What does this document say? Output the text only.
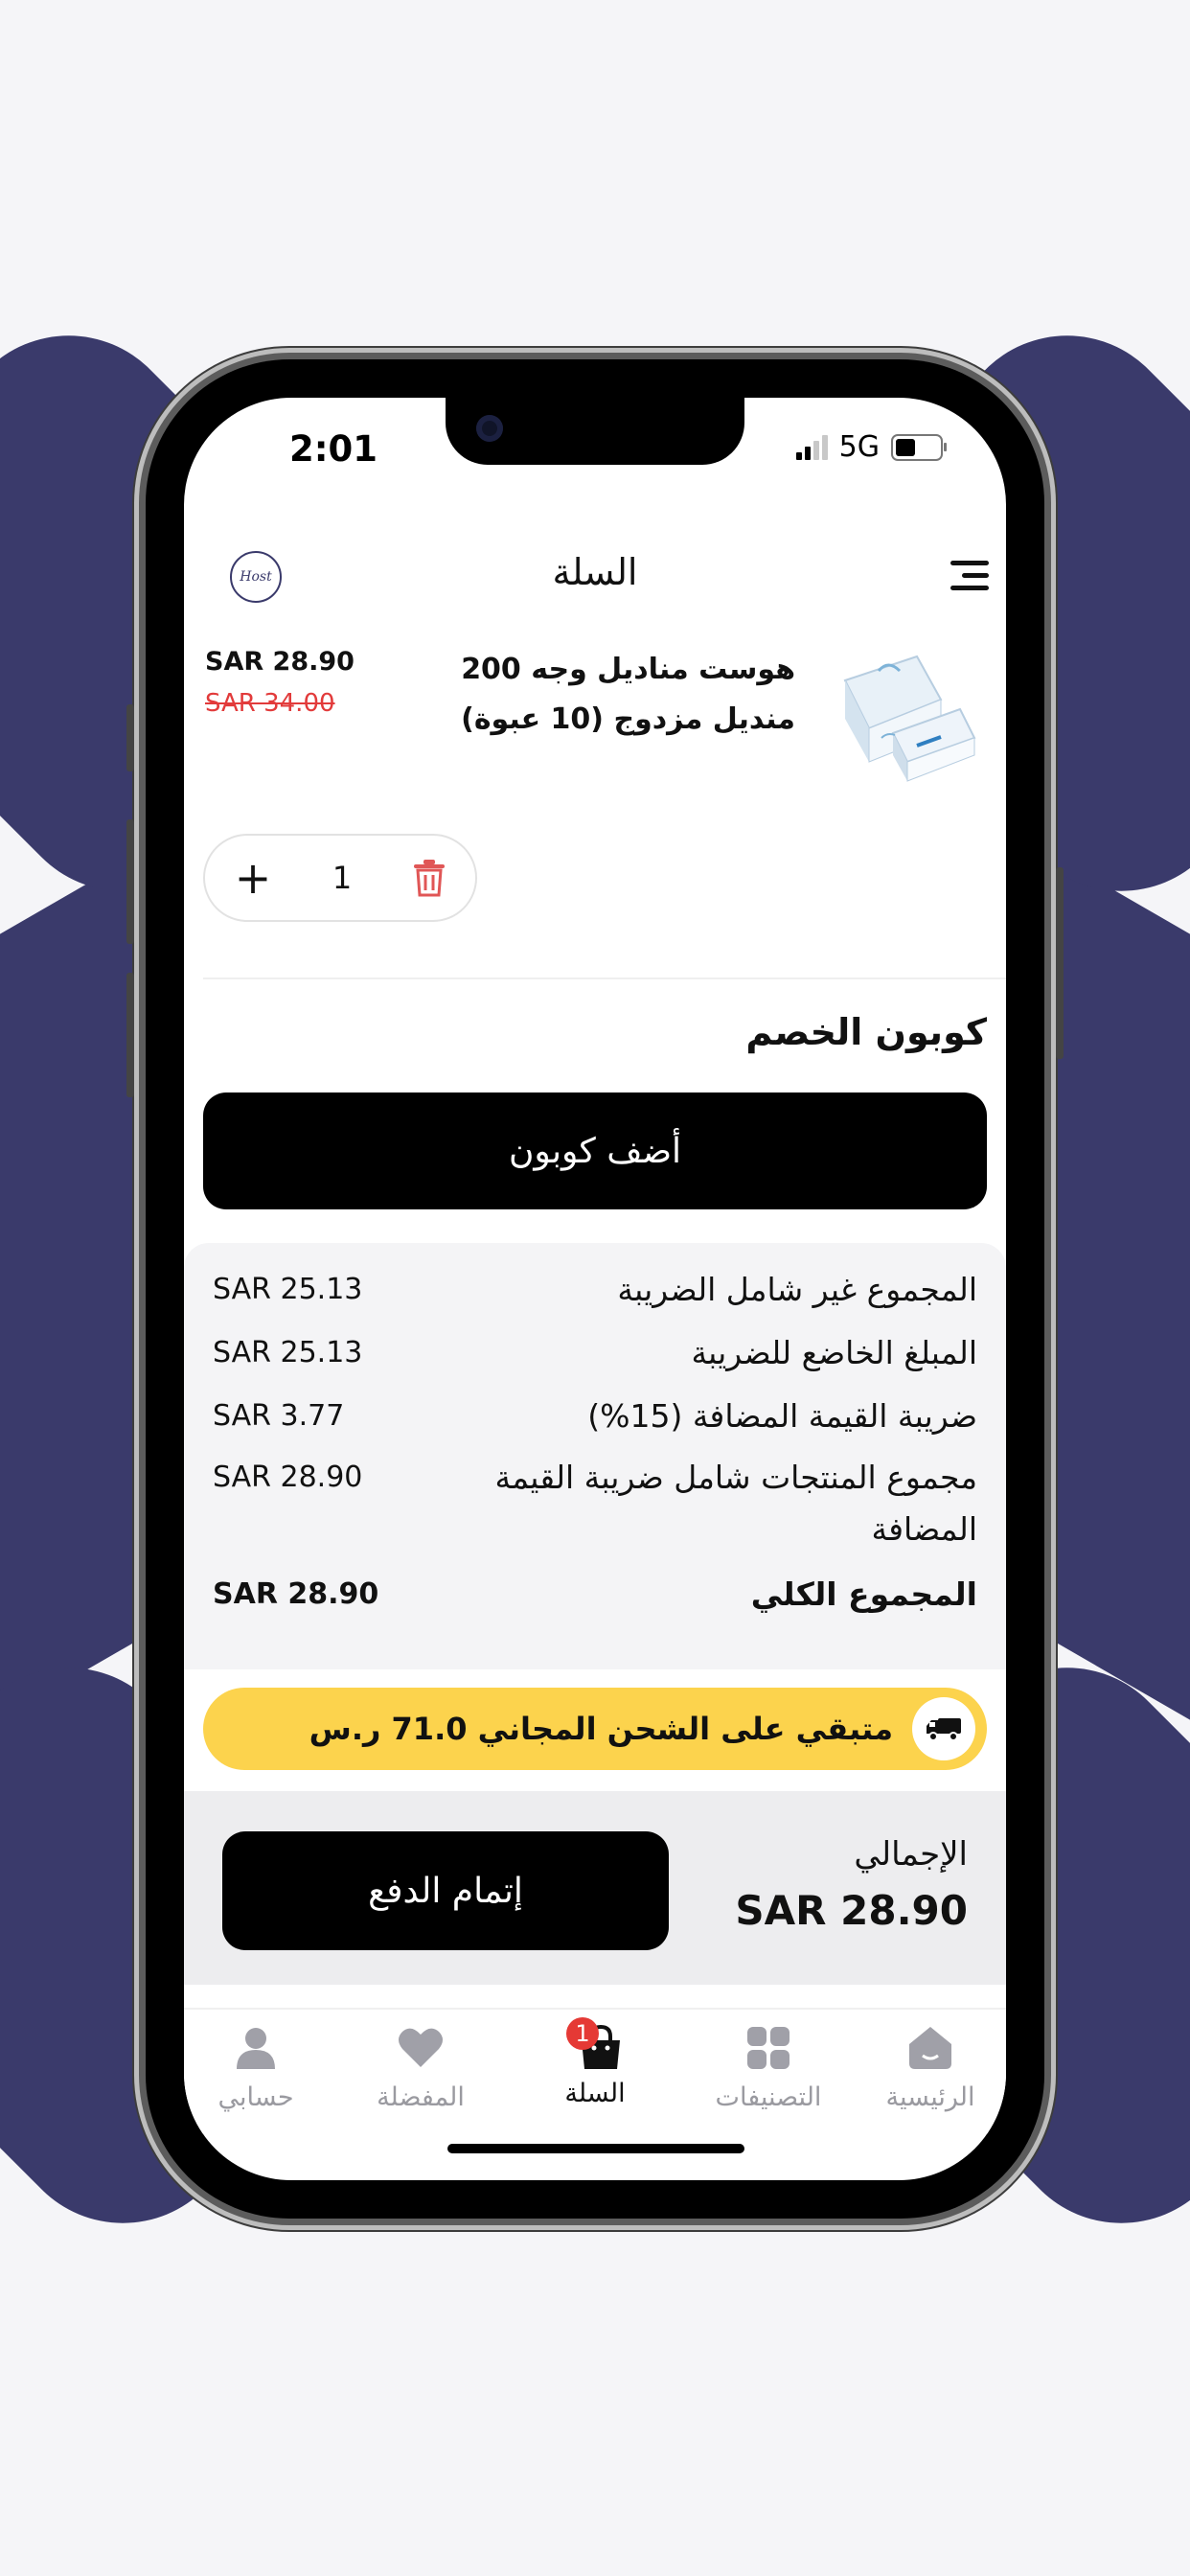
2:01	5G
Host	السلة
هوست مناديل وجه 200 منديل مزدوج (10 عبوة)
SAR 28.90
SAR 34.00
+ 1
كوبون الخصم
أضف كوبون
SAR 25.13	المجموع غير شامل الضريبة
SAR 25.13	المبلغ الخاضع للضريبة
SAR 3.77	ضريبة القيمة المضافة (15%)
SAR 28.90	مجموع المنتجات شامل ضريبة القيمة المضافة
SAR 28.90	المجموع الكلي
متبقي على الشحن المجاني 71.0 ر.س
إتمام الدفع
الإجمالي
SAR 28.90
حسابي	المفضلة
1
السلة	التصنيفات	الرئيسية
